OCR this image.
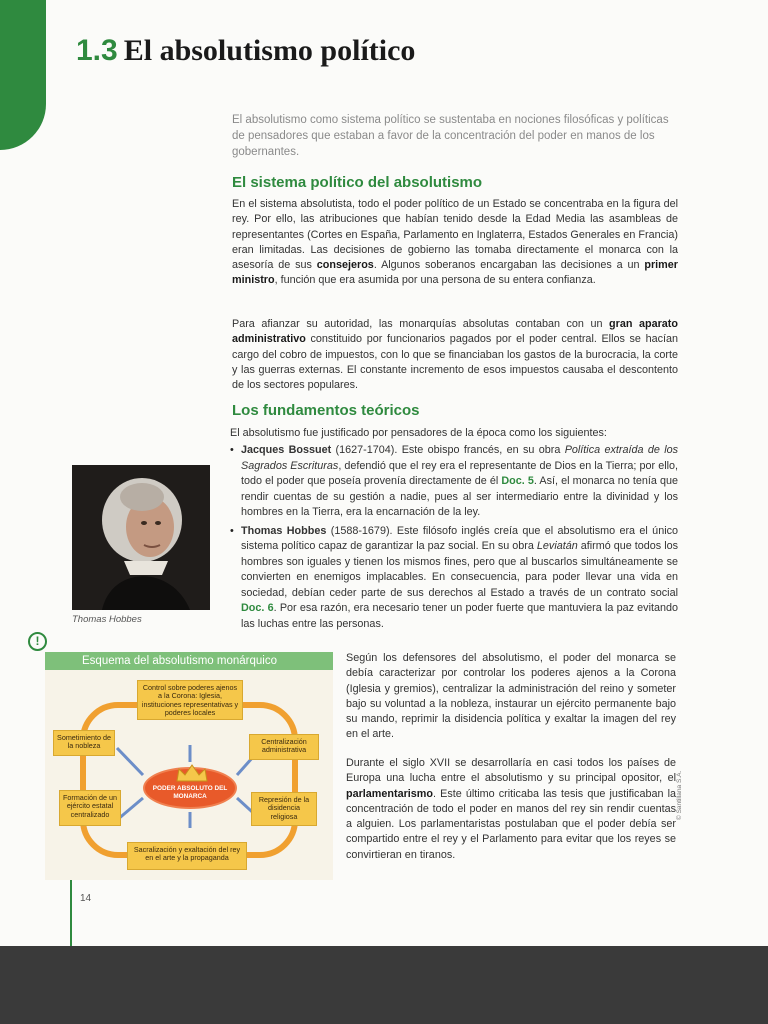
1.3 El absolutismo político
El absolutismo como sistema político se sustentaba en nociones filosóficas y políticas de pensadores que estaban a favor de la concentración del poder en manos de los gobernantes.
El sistema político del absolutismo
En el sistema absolutista, todo el poder político de un Estado se concentraba en la figura del rey. Por ello, las atribuciones que habían tenido desde la Edad Media las asambleas de representantes (Cortes en España, Parlamento en Inglaterra, Estados Generales en Francia) eran limitadas. Las decisiones de gobierno las tomaba directamente el monarca con la asesoría de sus consejeros. Algunos soberanos encargaban las decisiones a un primer ministro, función que era asumida por una persona de su entera confianza.
Para afianzar su autoridad, las monarquías absolutas contaban con un gran aparato administrativo constituido por funcionarios pagados por el poder central. Ellos se hacían cargo del cobro de impuestos, con lo que se financiaban los gastos de la burocracia, la corte y las guerras externas. El constante incremento de esos impuestos causaba el descontento de los sectores populares.
Los fundamentos teóricos
El absolutismo fue justificado por pensadores de la época como los siguientes:
• Jacques Bossuet (1627-1704). Este obispo francés, en su obra Política extraída de los Sagrados Escrituras, defendió que el rey era el representante de Dios en la Tierra; por ello, todo el poder que poseía provenía directamente de él Doc. 5. Así, el monarca no tenía que rendir cuentas de su gestión a nadie, pues al ser intermediario entre la divinidad y los hombres en la Tierra, era la encarnación de la ley.
• Thomas Hobbes (1588-1679). Este filósofo inglés creía que el absolutismo era el único sistema político capaz de garantizar la paz social. En su obra Leviatán afirmó que todos los hombres son iguales y tienen los mismos fines, pero que al buscarlos simultáneamente se convierten en enemigos implacables. En consecuencia, para poder llevar una vida en sociedad, debían ceder parte de sus derechos al Estado a través de un contrato social Doc. 6. Por esa razón, era necesario tener un poder fuerte que mantuviera la paz evitando las luchas entre las personas.
Thomas Hobbes
!
Esquema del absolutismo monárquico
Control sobre poderes ajenos a la Corona: Iglesia, instituciones representativas y poderes locales
Sometimiento de la nobleza	Centralización administrativa
Formación de un ejército estatal centralizado
Represión de la disidencia religiosa
Sacralización y exaltación del rey en el arte y la propaganda
PODER ABSOLUTO DEL MONARCA
Según los defensores del absolutismo, el poder del monarca se debía caracterizar por controlar los poderes ajenos a la Corona (Iglesia y gremios), centralizar la administración del reino y someter bajo su voluntad a la nobleza, instaurar un ejército permanente bajo su mando, reprimir la disidencia política y exaltar la imagen del rey en el arte.
Durante el siglo XVII se desarrollaría en casi todos los países de Europa una lucha entre el absolutismo y su principal opositor, el parlamentarismo. Este último criticaba las tesis que justificaban la concentración de todo el poder en manos del rey sin rendir cuentas a alguien. Los parlamentaristas postulaban que el poder debía ser compartido entre el rey y el Parlamento para evitar que los reyes se convirtieran en tiranos.
© Santillana S.A.
14
